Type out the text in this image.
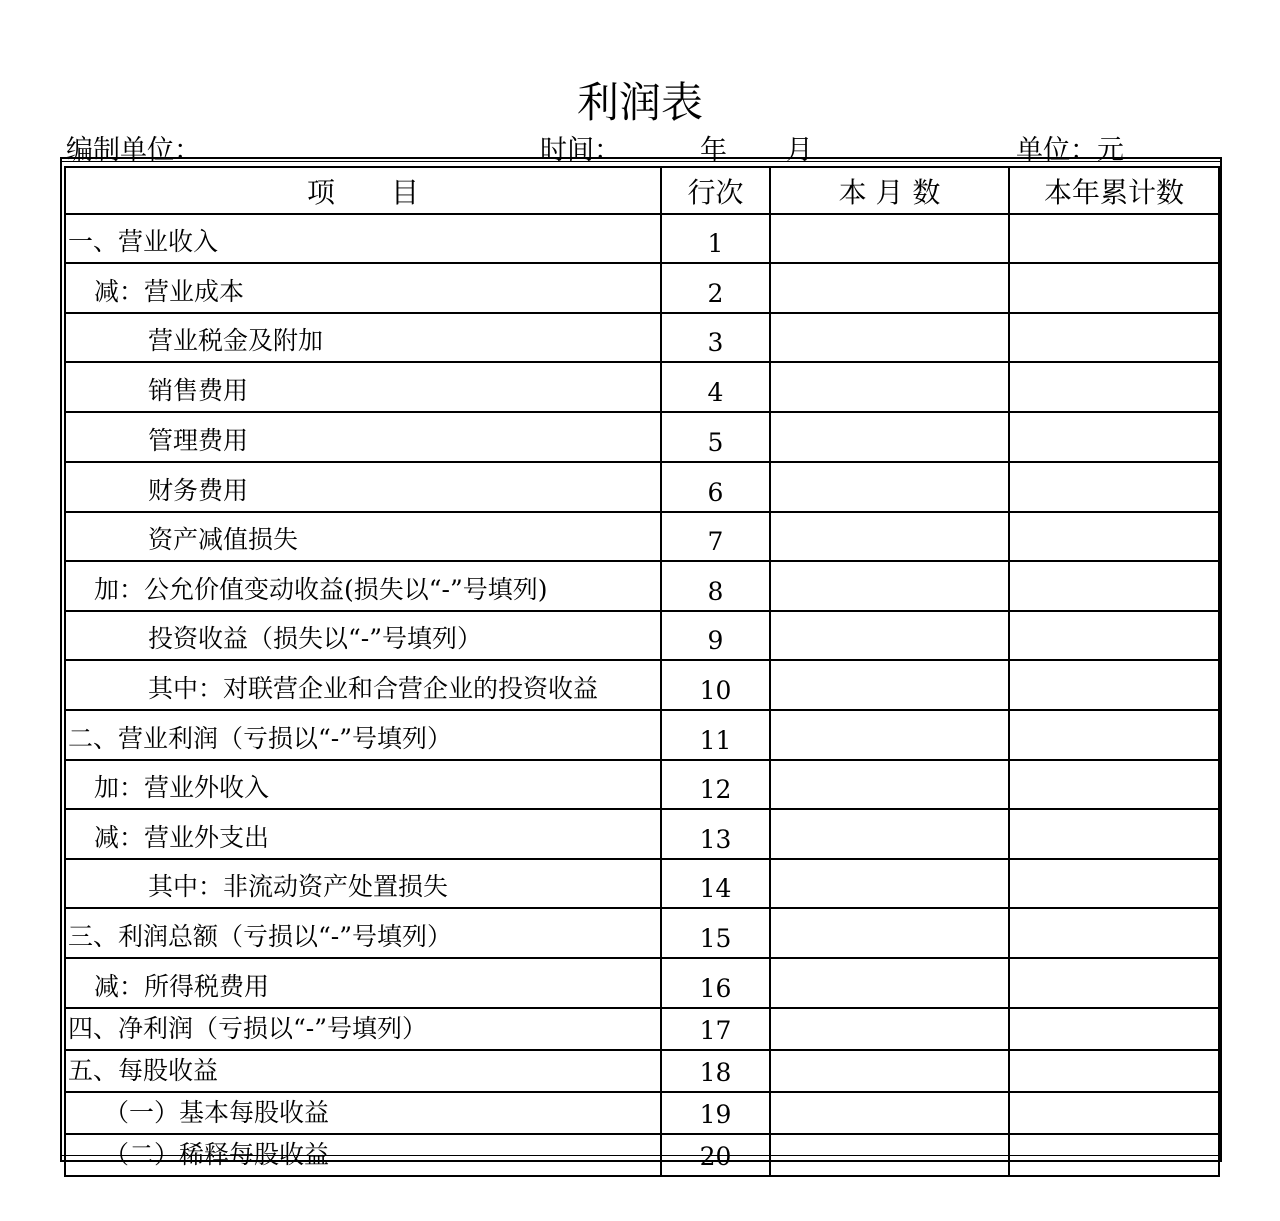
利润表
编制单位：	时间：	年 月	单位：元
项　　目	行次	本 月 数	本年累计数
一、营业收入	1		
减：营业成本	2		
营业税金及附加	3		
销售费用	4		
管理费用	5		
财务费用	6		
资产减值损失	7		
加：公允价值变动收益(损失以“-”号填列)	8		
投资收益（损失以“-”号填列）	9		
其中：对联营企业和合营企业的投资收益	10		
二、营业利润（亏损以“-”号填列）	11		
加：营业外收入	12		
减：营业外支出	13		
其中：非流动资产处置损失	14		
三、利润总额（亏损以“-”号填列）	15		
减：所得税费用	16		
四、净利润（亏损以“-”号填列）	17		
五、每股收益	18		
（一）基本每股收益	19		
（二）稀释每股收益	20		
